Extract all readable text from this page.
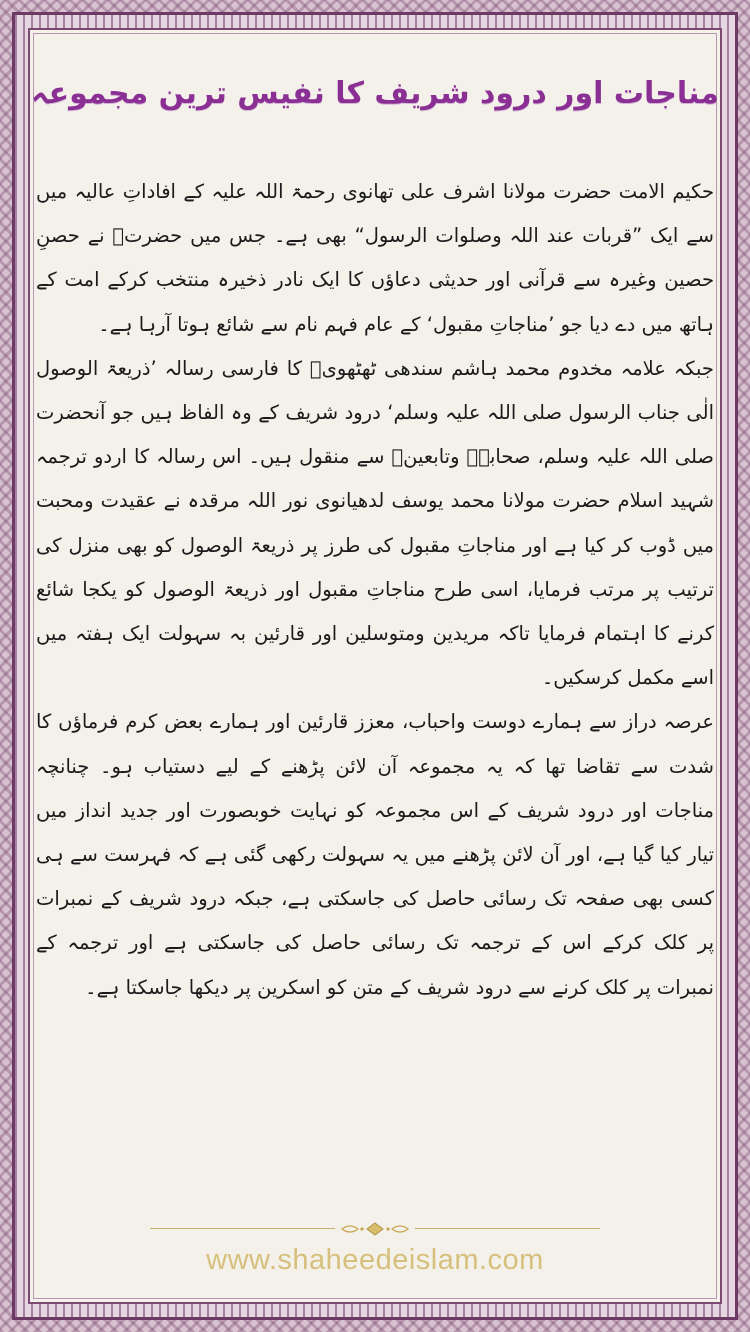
مناجات اور درود شریف کا نفیس ترین مجموعہ

حکیم الامت حضرت مولانا اشرف علی تھانوی رحمۃ اللہ علیہ کے افاداتِ عالیہ میں سے ایک ”قربات عند اللہ وصلوات الرسول“ بھی ہے۔ جس میں حضرتؒ نے حصنِ حصین وغیرہ سے قرآنی اور حدیثی دعاؤں کا ایک نادر ذخیرہ منتخب کرکے امت کے ہاتھ میں دے دیا جو ’مناجاتِ مقبول‘ کے عام فہم نام سے شائع ہوتا آرہا ہے۔

جبکہ علامہ مخدوم محمد ہاشم سندھی ٹھٹھویؒ کا فارسی رسالہ ’ذریعۃ الوصول الٰی جناب الرسول صلی اللہ علیہ وسلم‘ درود شریف کے وہ الفاظ ہیں جو آنحضرت صلی اللہ علیہ وسلم، صحابہؓ وتابعینؒ سے منقول ہیں۔ اس رسالہ کا اردو ترجمہ شہید اسلام حضرت مولانا محمد یوسف لدھیانوی نور اللہ مرقدہ نے عقیدت ومحبت میں ڈوب کر کیا ہے اور مناجاتِ مقبول کی طرز پر ذریعۃ الوصول کو بھی منزل کی ترتیب پر مرتب فرمایا، اسی طرح مناجاتِ مقبول اور ذریعۃ الوصول کو یکجا شائع کرنے کا اہتمام فرمایا تاکہ مریدین ومتوسلین اور قارئین بہ سہولت ایک ہفتہ میں اسے مکمل کرسکیں۔

عرصہ دراز سے ہمارے دوست واحباب، معزز قارئین اور ہمارے بعض کرم فرماؤں کا شدت سے تقاضا تھا کہ یہ مجموعہ آن لائن پڑھنے کے لیے دستیاب ہو۔ چنانچہ مناجات اور درود شریف کے اس مجموعہ کو نہایت خوبصورت اور جدید انداز میں تیار کیا گیا ہے، اور آن لائن پڑھنے میں یہ سہولت رکھی گئی ہے کہ فہرست سے ہی کسی بھی صفحہ تک رسائی حاصل کی جاسکتی ہے، جبکہ درود شریف کے نمبرات پر کلک کرکے اس کے ترجمہ تک رسائی حاصل کی جاسکتی ہے اور ترجمہ کے نمبرات پر کلک کرنے سے درود شریف کے متن کو اسکرین پر دیکھا جاسکتا ہے۔

www.shaheedeislam.com
